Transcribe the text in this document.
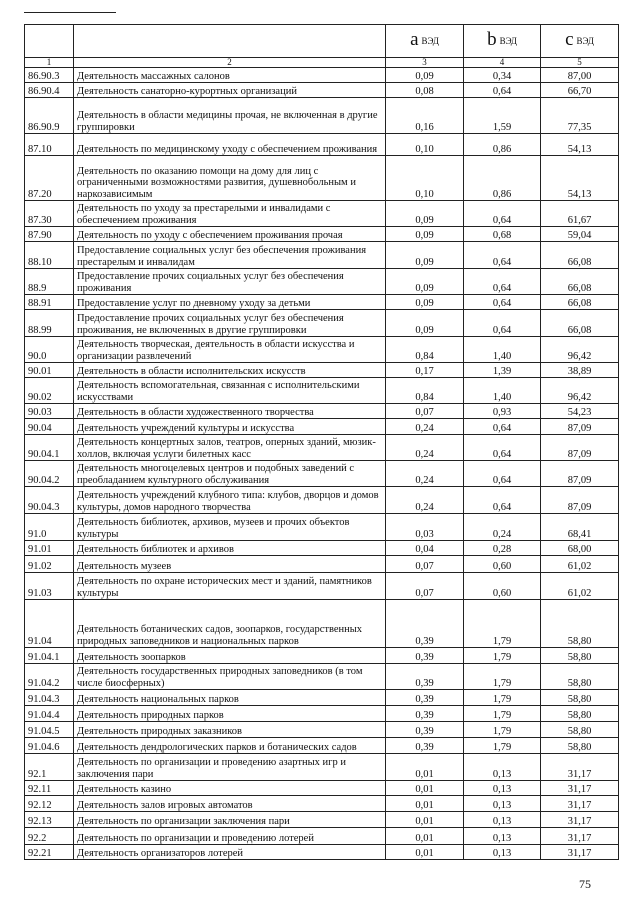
		a $_{ВЭД}$	b $_{ВЭД}$	c $_{ВЭД}$
1	2	3	4	5
86.90.3	Деятельность массажных салонов	0,09	0,34	87,00
86.90.4	Деятельность санаторно-курортных организаций	0,08	0,64	66,70
86.90.9	Деятельность в области медицины прочая, не включенная в другие группировки	0,16	1,59	77,35
87.10	Деятельность по медицинскому уходу с обеспечением проживания	0,10	0,86	54,13
87.20	Деятельность по оказанию помощи на дому для лиц с ограниченными возможностями развития, душевнобольным и наркозависимым	0,10	0,86	54,13
87.30	Деятельность по уходу за престарелыми и инвалидами с обеспечением проживания	0,09	0,64	61,67
87.90	Деятельность по уходу с обеспечением проживания прочая	0,09	0,68	59,04
88.10	Предоставление социальных услуг без обеспечения проживания престарелым и инвалидам	0,09	0,64	66,08
88.9	Предоставление прочих социальных услуг без обеспечения проживания	0,09	0,64	66,08
88.91	Предоставление услуг по дневному уходу за детьми	0,09	0,64	66,08
88.99	Предоставление прочих социальных услуг без обеспечения проживания, не включенных в другие группировки	0,09	0,64	66,08
90.0	Деятельность творческая, деятельность в области искусства и организации развлечений	0,84	1,40	96,42
90.01	Деятельность в области исполнительских искусств	0,17	1,39	38,89
90.02	Деятельность вспомогательная, связанная с исполнительскими искусствами	0,84	1,40	96,42
90.03	Деятельность в области художественного творчества	0,07	0,93	54,23
90.04	Деятельность учреждений культуры и искусства	0,24	0,64	87,09
90.04.1	Деятельность концертных залов, театров, оперных зданий, мюзик-холлов, включая услуги билетных касс	0,24	0,64	87,09
90.04.2	Деятельность многоцелевых центров и подобных заведений с преобладанием культурного обслуживания	0,24	0,64	87,09
90.04.3	Деятельность учреждений клубного типа: клубов, дворцов и домов культуры, домов народного творчества	0,24	0,64	87,09
91.0	Деятельность библиотек, архивов, музеев и прочих объектов культуры	0,03	0,24	68,41
91.01	Деятельность библиотек и архивов	0,04	0,28	68,00
91.02	Деятельность музеев	0,07	0,60	61,02
91.03	Деятельность по охране исторических мест и зданий, памятников культуры	0,07	0,60	61,02
91.04	Деятельность ботанических садов, зоопарков, государственных природных заповедников и национальных парков	0,39	1,79	58,80
91.04.1	Деятельность зоопарков	0,39	1,79	58,80
91.04.2	Деятельность государственных природных заповедников (в том числе биосферных)	0,39	1,79	58,80
91.04.3	Деятельность национальных парков	0,39	1,79	58,80
91.04.4	Деятельность природных парков	0,39	1,79	58,80
91.04.5	Деятельность природных заказников	0,39	1,79	58,80
91.04.6	Деятельность дендрологических парков и ботанических садов	0,39	1,79	58,80
92.1	Деятельность по организации и проведению азартных игр и заключения пари	0,01	0,13	31,17
92.11	Деятельность казино	0,01	0,13	31,17
92.12	Деятельность залов игровых автоматов	0,01	0,13	31,17
92.13	Деятельность по организации заключения пари	0,01	0,13	31,17
92.2	Деятельность по организации и проведению лотерей	0,01	0,13	31,17
92.21	Деятельность организаторов лотерей	0,01	0,13	31,17
75
